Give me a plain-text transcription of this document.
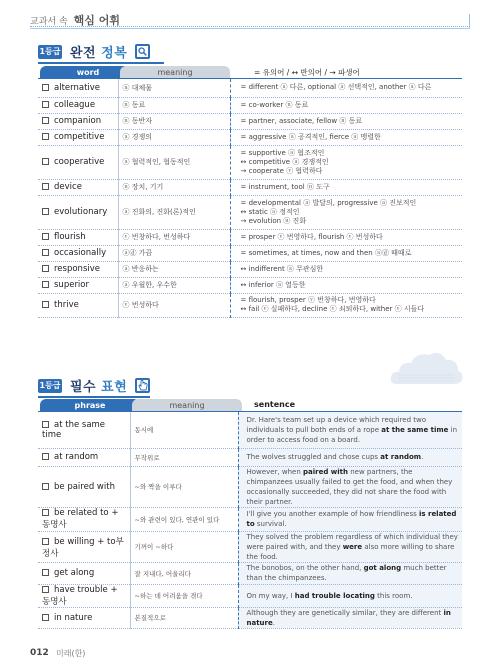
교과서 속 핵심 어휘
1등급 완전 정복
word	meaning	= 유의어 / ↔ 반의어 / → 파생어
alternative	ⓝ 대체물	= different ⓐ 다른, optional ⓐ 선택적인, another ⓐ 다른

colleague	ⓝ 동료	= co-worker ⓝ 동료

companion	ⓝ 동반자	= partner, associate, fellow ⓝ 동료

competitive	ⓐ 경쟁의	= aggressive ⓐ 공격적인, fierce ⓐ 맹렬한

cooperative	ⓐ 협력적인, 협동적인	= supportive ⓐ 협조적인
↔ competitive ⓐ 경쟁적인
→ cooperate ⓥ 협력하다

device	ⓝ 장치, 기기	= instrument, tool ⓝ 도구

evolutionary	ⓐ 진화의, 진화(론)적인	= developmental ⓐ 발달의, progressive ⓐ 진보적인
↔ static ⓐ 정적인
→ evolution ⓝ 진화

flourish	ⓥ 번창하다, 번성하다	= prosper ⓥ 번영하다, flourish ⓥ 번성하다

occasionally	ⓐⓓ 가끔	= sometimes, at times, now and then ⓐⓓ 때때로

responsive	ⓐ 반응하는	↔ indifferent ⓐ 무관심한

superior	ⓐ 우월한, 우수한	↔ inferior ⓐ 열등한

thrive	ⓥ 번성하다	= flourish, prosper ⓥ 번창하다, 번영하다
↔ fail ⓥ 실패하다, decline ⓥ 쇠퇴하다, wither ⓥ 시들다
1등급 필수 표현
phrase	meaning	sentence
at the same time	동시에	Dr. Hare's team set up a device which required two individuals to pull both ends of a rope at the same time in order to access food on a board.
at random	무작위로	The wolves struggled and chose cups at random.
be paired with	~와 짝을 이루다	However, when paired with new partners, the chimpanzees usually failed to get the food, and when they occasionally succeeded, they did not share the food with their partner.
be related to + 동명사	~와 관련이 있다, 연관이 있다	I'll give you another example of how friendliness is related to survival.
be willing + to부정사	기꺼이 ~하다	They solved the problem regardless of which individual they were paired with, and they were also more willing to share the food.
get along	잘 지내다, 어울리다	The bonobos, on the other hand, got along much better than the chimpanzees.
have trouble + 동명사	~하는 데 어려움을 겪다	On my way, I had trouble locating this room.
in nature	본질적으로	Although they are genetically similar, they are different in nature.
012 미래(한)
